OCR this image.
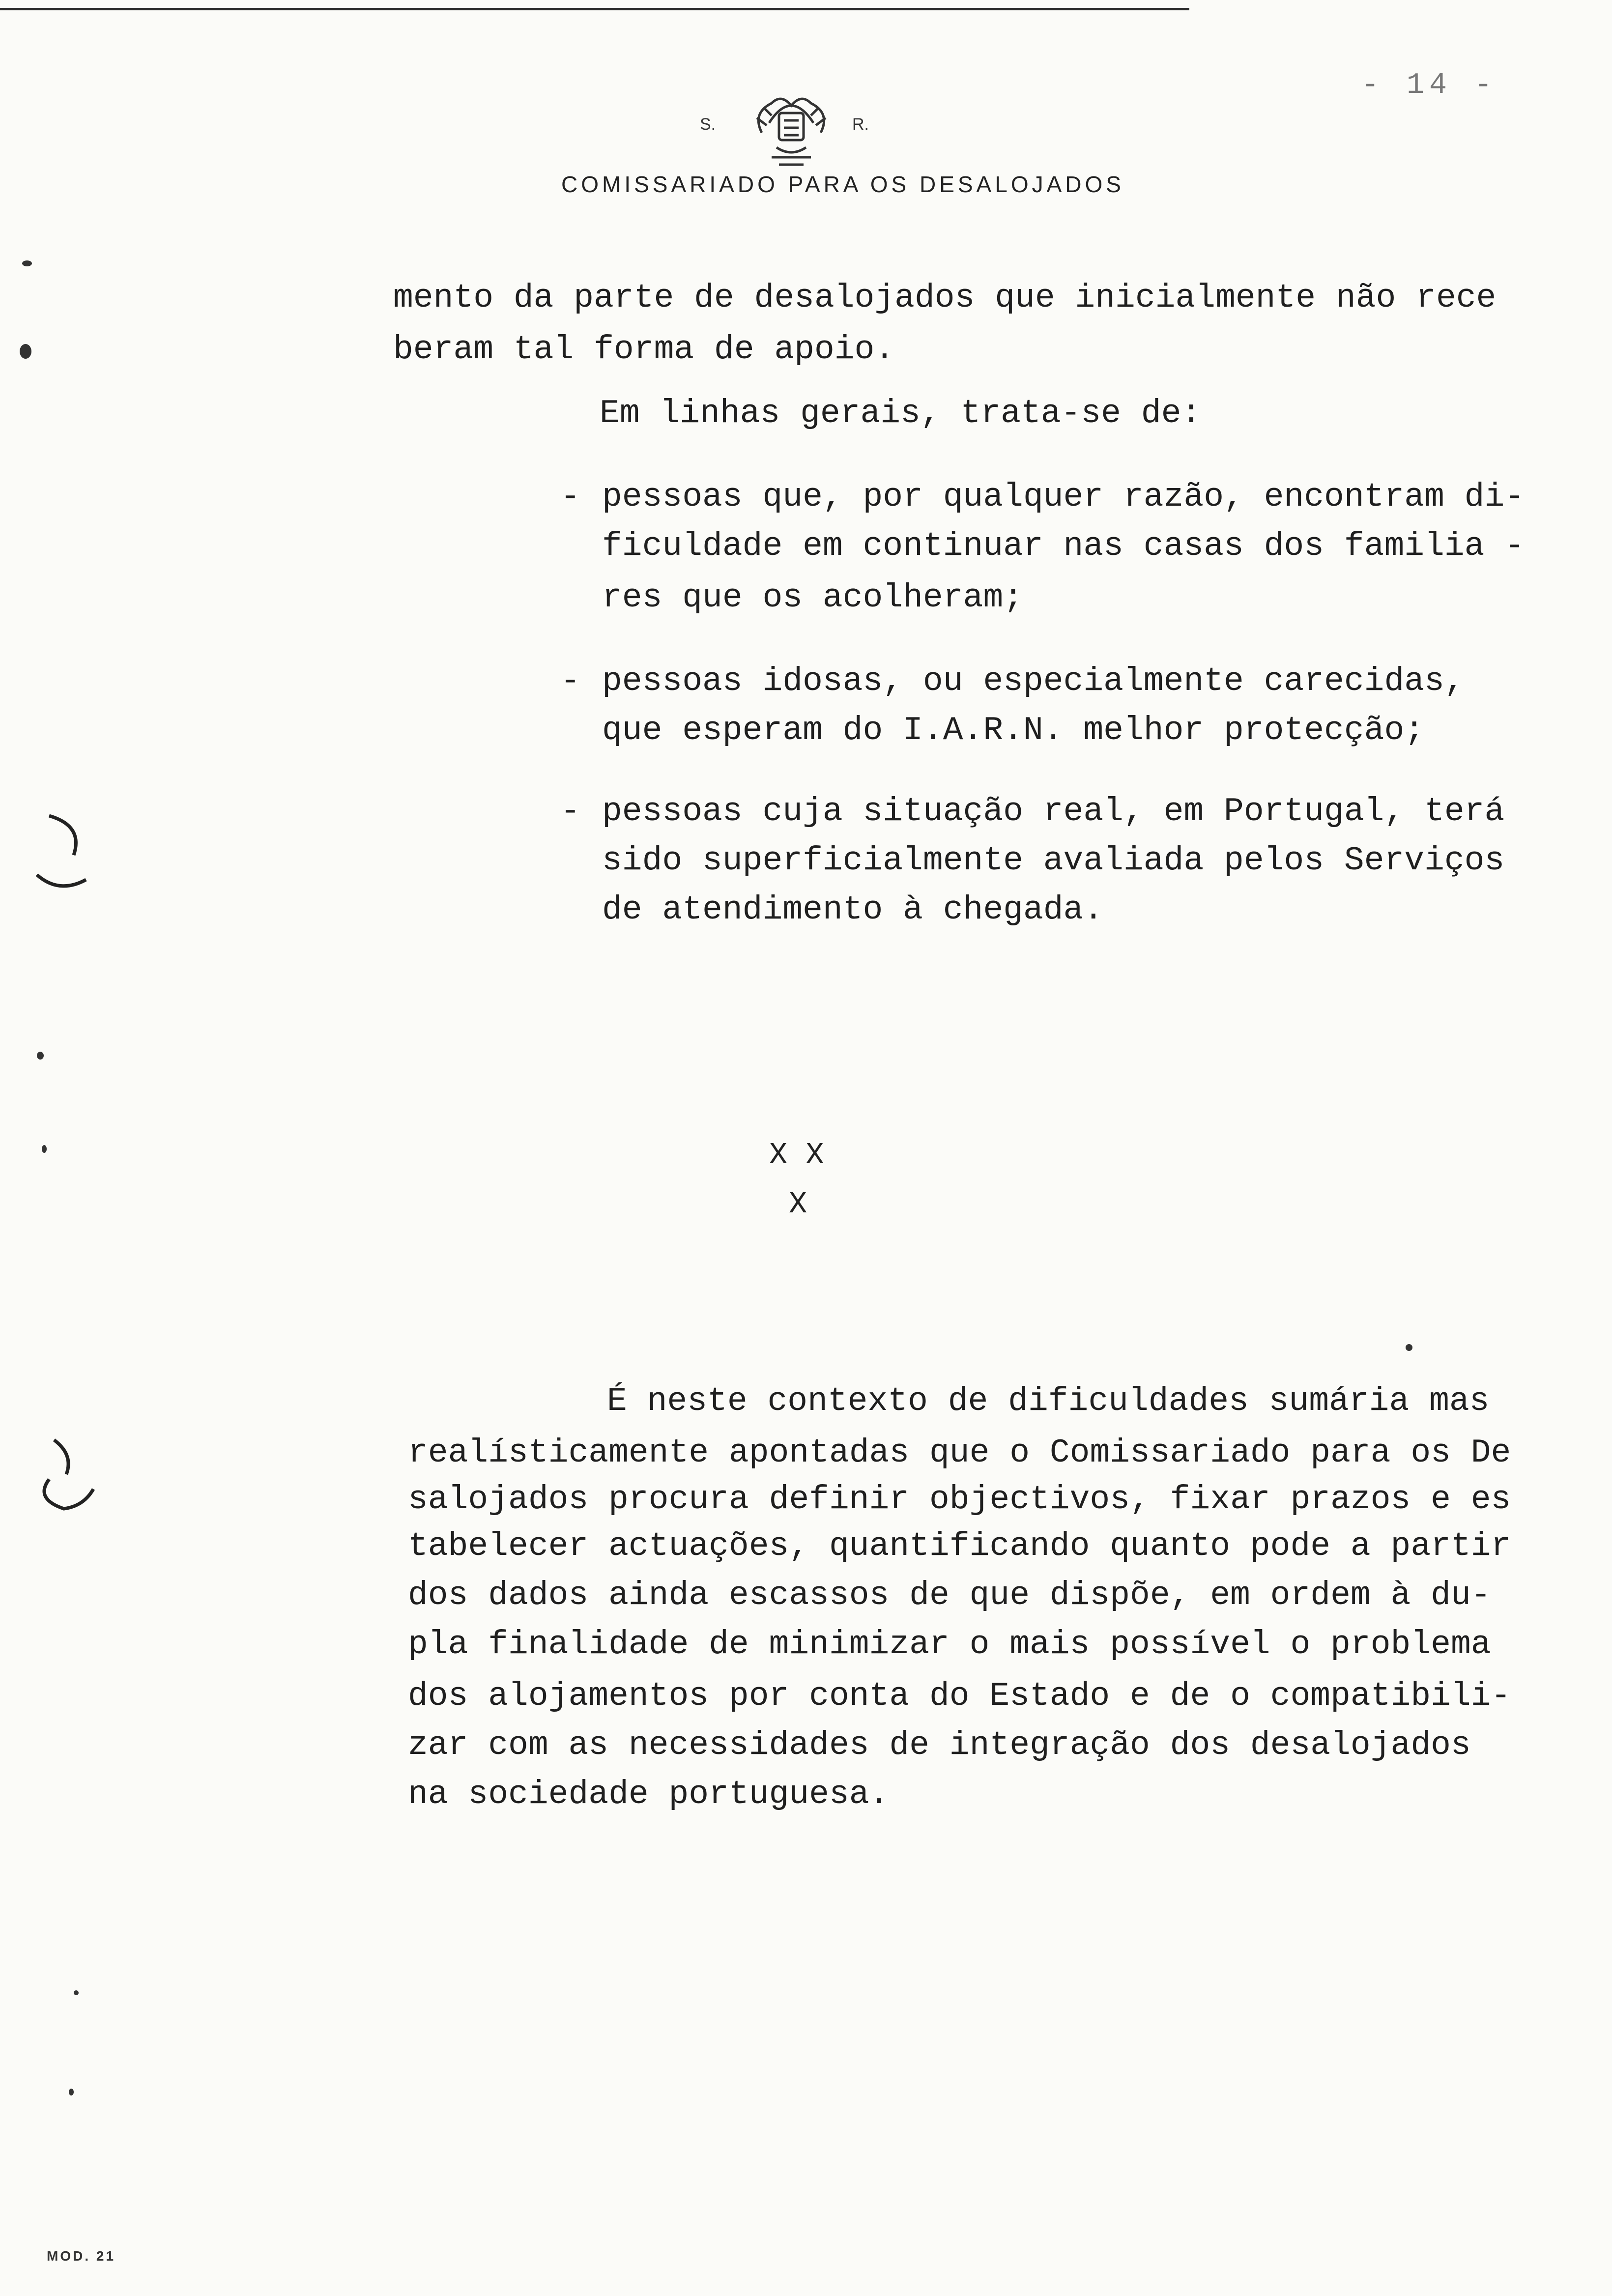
- 14 -
S.	R.
COMISSARIADO PARA OS DESALOJADOS

mento da parte de desalojados que inicialmente não rece

beram tal forma de apoio.

Em linhas gerais, trata-se de:

- pessoas que, por qualquer razão, encontram di-

ficuldade em continuar nas casas dos familia -

res que os acolheram;

- pessoas idosas, ou especialmente carecidas,

que esperam do I.A.R.N. melhor protecção;

- pessoas cuja situação real, em Portugal, terá

sido superficialmente avaliada pelos Serviços

de atendimento à chegada.

X X
X

É neste contexto de dificuldades sumária mas

realísticamente apontadas que o Comissariado para os De

salojados procura definir objectivos, fixar prazos e es

tabelecer actuações, quantificando quanto pode a partir

dos dados ainda escassos de que dispõe, em ordem à du-

pla finalidade de minimizar o mais possível o problema

dos alojamentos por conta do Estado e de o compatibili-

zar com as necessidades de integração dos desalojados

na sociedade portuguesa.

MOD. 21
